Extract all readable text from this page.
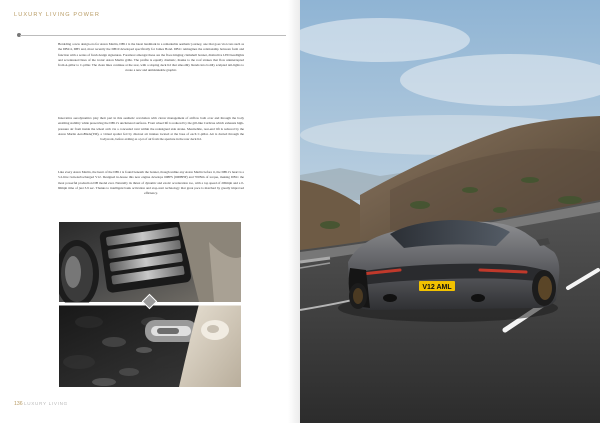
LUXURY LIVING POWER

Heralding a new design era for Aston Martin, DB11 is the latest landmark in a remarkable aesthetic journey, one that goes via icons such as the DB2/4, DB5 and, most recently the DB10 developed specifically for James Bond. DB11 reimagines the relationship between form and function with a series of fresh design signatures. Foremost amongst these are the floor-hinging clamshell bonnet, distinctive LED headlights and accentuated lines of the iconic Aston Martin grille. The profile is equally dramatic, thanks to the roof strakes that flow uninterrupted from A-pillar to C-pillar. The clean lines continue at the rear, with a sloping deck lid that smoothly blends into boldly sculpted tail-lights to create a new and unmistakable graphic.

Innovative aerodynamics play their part in this aesthetic revolution with clever management of airflow both over and through the body enabling stability while preserving the DB11's uncluttered surfaces. Front wheel lift is reduced by the gill-like Curlicue which exhausts high-pressure air from inside the wheel arch via a concealed vent within the redesigned side strake. Meanwhile, rear-end lift is reduced by the Aston Martin AeroBlade(TM), a virtual spoiler fed by discreet air intakes located at the base of each C-pillar. Air is ducted through the bodywork, before exiting as a jet of air from the aperture in the rear deck lid.

Like every Aston Martin, the heart of the DB11 is found beneath the bonnet, though unlike any Aston Martin before it, the DB11's heart is a 5.2-litre twin-turbocharged V12. Designed in-house this new engine develops 608PS (600BHP) and 700Nm of torque, making DB11 the most powerful production DB model ever. Naturally its thrust of dynamic and exotic acceleration too, with a top speed of 200mph and a 0-60mph time of just 3.9 sec. Thanks to intelligent bank activation and stop-start technology that great pace is matched by greatly improved efficiency.

136 LUXURY LIVING
V12 AML
